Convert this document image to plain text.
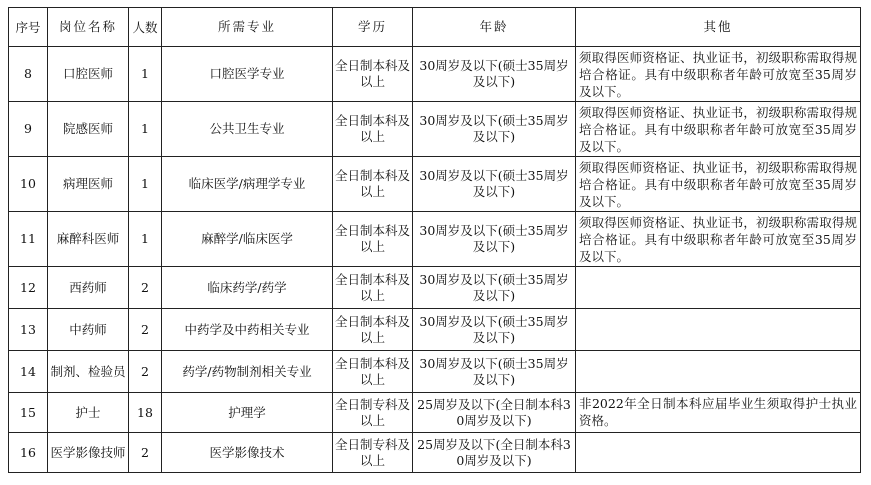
序号	岗位名称	人数	所需专业	学历	年龄	其他
8	口腔医师	1	口腔医学专业	全日制本科及以上	30周岁及以下(硕士35周岁及以下)	须取得医师资格证、执业证书，初级职称需取得规培合格证。具有中级职称者年龄可放宽至35周岁及以下。
9	院感医师	1	公共卫生专业	全日制本科及以上	30周岁及以下(硕士35周岁及以下)	须取得医师资格证、执业证书，初级职称需取得规培合格证。具有中级职称者年龄可放宽至35周岁及以下。
10	病理医师	1	临床医学/病理学专业	全日制本科及以上	30周岁及以下(硕士35周岁及以下)	须取得医师资格证、执业证书，初级职称需取得规培合格证。具有中级职称者年龄可放宽至35周岁及以下。
11	麻醉科医师	1	麻醉学/临床医学	全日制本科及以上	30周岁及以下(硕士35周岁及以下)	须取得医师资格证、执业证书，初级职称需取得规培合格证。具有中级职称者年龄可放宽至35周岁及以下。
12	西药师	2	临床药学/药学	全日制本科及以上	30周岁及以下(硕士35周岁及以下)	
13	中药师	2	中药学及中药相关专业	全日制本科及以上	30周岁及以下(硕士35周岁及以下)	
14	制剂、检验员	2	药学/药物制剂相关专业	全日制本科及以上	30周岁及以下(硕士35周岁及以下)	
15	护士	18	护理学	全日制专科及以上	25周岁及以下(全日制本科30周岁及以下)	非2022年全日制本科应届毕业生须取得护士执业资格。
16	医学影像技师	2	医学影像技术	全日制专科及以上	25周岁及以下(全日制本科30周岁及以下)	
